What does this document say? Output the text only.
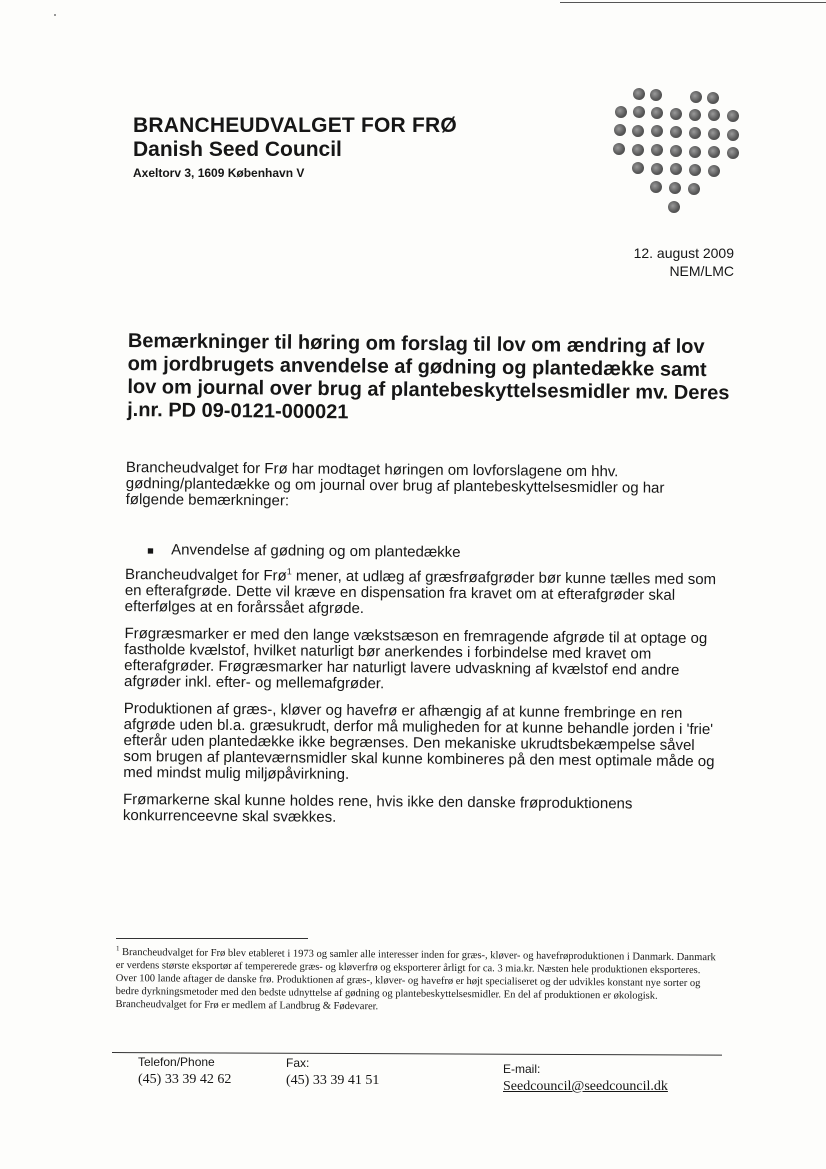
BRANCHEUDVALGET FOR FRØ
Danish Seed Council
Axeltorv 3, 1609 København V
12. august 2009
NEM/LMC
Bemærkninger til høring om forslag til lov om ændring af lov om jordbrugets anvendelse af gødning og plantedække samt lov om journal over brug af plantebeskyttelsesmidler mv. Deres j.nr. PD 09-0121-000021

Brancheudvalget for Frø har modtaget høringen om lovforslagene om hhv. gødning/plantedække og om journal over brug af plantebeskyttelsesmidler og har følgende bemærkninger:

■	Anvendelse af gødning og om plantedække

Brancheudvalget for Frø$^1$ mener, at udlæg af græsfrøafgrøder bør kunne tælles med som en efterafgrøde. Dette vil kræve en dispensation fra kravet om at efterafgrøder skal efterfølges at en forårssået afgrøde.

Frøgræsmarker er med den lange vækstsæson en fremragende afgrøde til at optage og fastholde kvælstof, hvilket naturligt bør anerkendes i forbindelse med kravet om efterafgrøder. Frøgræsmarker har naturligt lavere udvaskning af kvælstof end andre afgrøder inkl. efter- og mellemafgrøder.

Produktionen af græs-, kløver og havefrø er afhængig af at kunne frembringe en ren afgrøde uden bl.a. græsukrudt, derfor må muligheden for at kunne behandle jorden i 'frie' efterår uden plantedække ikke begrænses. Den mekaniske ukrudtsbekæmpelse såvel som brugen af planteværnsmidler skal kunne kombineres på den mest optimale måde og med mindst mulig miljøpåvirkning.

Frømarkerne skal kunne holdes rene, hvis ikke den danske frøproduktionens konkurrenceevne skal svækkes.

$^1$ Brancheudvalget for Frø blev etableret i 1973 og samler alle interesser inden for græs-, kløver- og havefrøproduktionen i Danmark. Danmark er verdens største eksportør af tempererede græs- og kløverfrø og eksporterer årligt for ca. 3 mia.kr. Næsten hele produktionen eksporteres. Over 100 lande aftager de danske frø. Produktionen af græs-, kløver- og havefrø er højt specialiseret og der udvikles konstant nye sorter og bedre dyrkningsmetoder med den bedste udnyttelse af gødning og plantebeskyttelsesmidler. En del af produktionen er økologisk. Brancheudvalget for Frø er medlem af Landbrug & Fødevarer.

Telefon/Phone
(45) 33 39 42 62
Fax:
(45) 33 39 41 51
E-mail:
Seedcouncil@seedcouncil.dk
